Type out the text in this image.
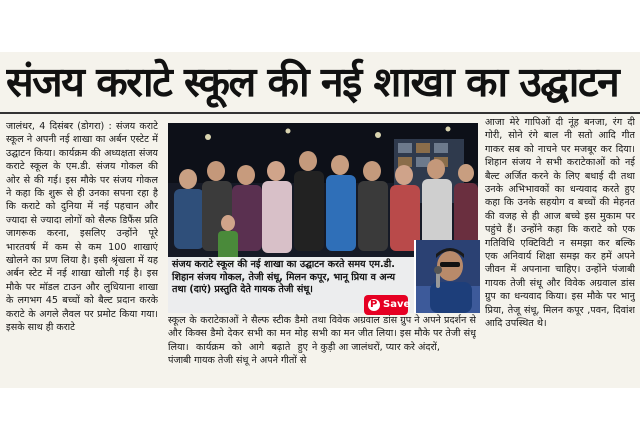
संजय कराटे स्कूल की नई शाखा का उद्घाटन

जालंधर, 4 दिसंबर (डोगरा) : संजय कराटे स्कूल ने अपनी नई शाखा का अर्बन एस्टेट में उद्घाटन किया। कार्यक्रम की अध्यक्षता संजय कराटे स्कूल के एम.डी. संजय गोकल की ओर से की गई। इस मौके पर संजय गोकल ने कहा कि शुरू से ही उनका सपना रहा है कि कराटे को दुनिया में नई पहचान और ज्यादा से ज्यादा लोगों को सैल्फ डिफैंस प्रति जागरूक करना, इसलिए उन्होंने पूरे भारतवर्ष में कम से कम 100 शाखाएं खोलने का प्रण लिया है। इसी श्रृंखला में यह अर्बन स्टेट में नई शाखा खोली गई है। इस मौके पर मॉडल टाउन और लुधियाना शाखा के लगभग 45 बच्चों को बैल्ट प्रदान करके कराटे के अगले लैवल पर प्रमोट किया गया। इसके साथ ही कराटे

संजय कराटे स्कूल की नई शाखा का उद्घाटन करते समय एम.डी. शिहान संजय गोकल, तेजी संधू, मिलन कपूर, भानू प्रिया व अन्य तथा (दाएं) प्रस्तुति देते गायक तेजी संधू।

स्कूल के कराटेकाओं ने सैल्फ स्टीक डैमो और किक्स डैमो देकर सभी का मन मोह लिया। कार्यक्रम को आगे बढ़ाते हुए पंजाबी गायक तेजी संधू ने अपने गीतों से

तथा विवेक अग्रवाल डांस ग्रुप ने अपने प्रदर्शन से सभी का मन जीत लिया। इस मौके पर तेजी संधू ने कुड़ी आ जालंधरों, प्यार करे अंदरों,

आजा मेरे गापिओं दी नूंह बनजा, रंग दी गोरी, सोने रंगे बाल नी सतो आदि गीत गाकर सब को नाचने पर मजबूर कर दिया। शिहान संजय ने सभी कराटेकाओं को नई बैल्ट अर्जित करने के लिए बधाई दी तथा उनके अभिभावकों का धन्यवाद करते हुए कहा कि उनके सहयोग व बच्चों की मेहनत की वजह से ही आज बच्चे इस मुकाम पर पहुंचे हैं। उन्होंने कहा कि कराटे को एक गतिविधि एक्टिविटी न समझा कर बल्कि एक अनिवार्य शिक्षा समझ कर हमें अपने जीवन में अपनाना चाहिए। उन्होंने पंजाबी गायक तेजी संधू और विवेक अग्रवाल डांस ग्रुप का धन्यवाद किया। इस मौके पर भानु प्रिया, तेजू संधू, मिलन कपूर ,पवन, दिवांश आदि उपस्थित थे।

P
Save
